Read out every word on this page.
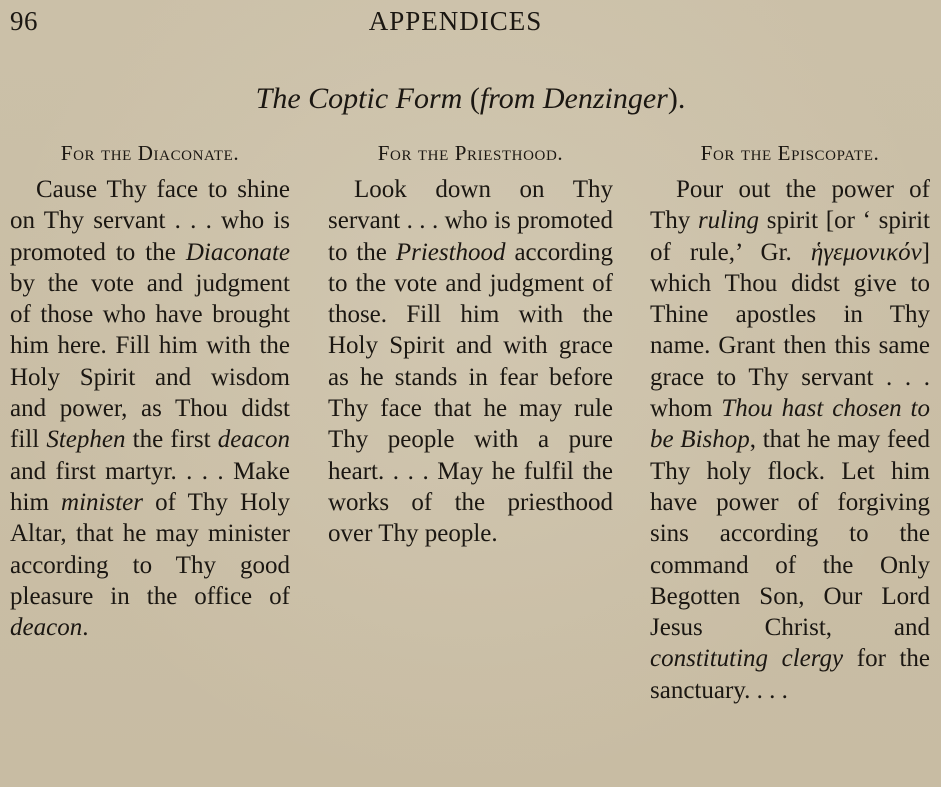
96	APPENDICES
The Coptic Form (from Denzinger).
For the Diaconate.
Cause Thy face to shine on Thy servant . . . who is promoted to the Diaconate by the vote and judgment of those who have brought him here. Fill him with the Holy Spirit and wisdom and power, as Thou didst fill Stephen the first deacon and first martyr. . . . Make him minister of Thy Holy Altar, that he may minister according to Thy good pleasure in the office of deacon.
For the Priesthood.
Look down on Thy servant . . . who is promoted to the Priesthood according to the vote and judgment of those. Fill him with the Holy Spirit and with grace as he stands in fear before Thy face that he may rule Thy people with a pure heart. . . . May he fulfil the works of the priesthood over Thy people.
For the Episcopate.
Pour out the power of Thy ruling spirit [or ‘ spirit of rule,’ Gr. ἡγεμονικόν] which Thou didst give to Thine apostles in Thy name. Grant then this same grace to Thy servant . . . whom Thou hast chosen to be Bishop, that he may feed Thy holy flock. Let him have power of forgiving sins according to the command of the Only Begotten Son, Our Lord Jesus Christ, and constituting clergy for the sanctuary. . . .
